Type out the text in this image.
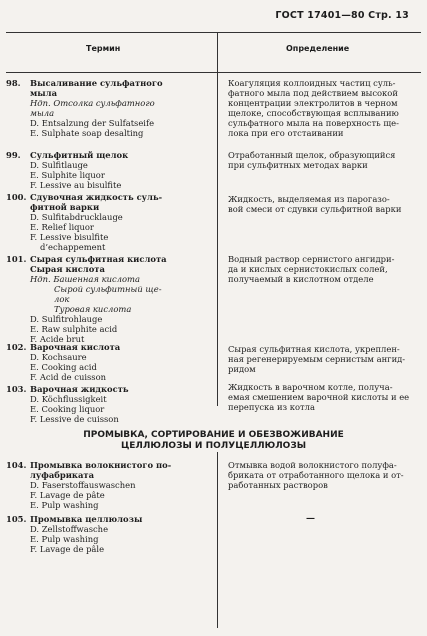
ГОСТ 17401—80 Стр. 13
Термин	Определение
98.	Высаливание сульфатного
мыла
Ндп. Отсолка сульфатного
мыла
D. Entsalzung der Sulfatseife
E. Sulphate soap desalting
Коагуляция коллоидных частиц суль-
фатного мыла под действием высокой
концентрации электролитов в черном
щелоке, способствующая всплыванию
сульфатного мыла на поверхность ще-
лока при его отстаивании
99.	Сульфитный щелок
D. Sulfitlauge
E. Sulphite liquor
F. Lessive au bisulfite
Отработанный щелок, образующийся
при сульфитных методах варки
100. Сдувочная жидкость суль-
фитной варки
D. Sulfitabdrucklauge
E. Relief liquor
F. Lessive bisulfite
d’echappement
Жидкость, выделяемая из парогазо-
вой смеси от сдувки сульфитной варки
101. Сырая сульфитная кислота
Сырая кислота
Ндп. Башенная кислота
Сырой сульфитный ще-
лок
Туровая кислота
D. Sulfitrohlauge
E. Raw sulphite acid
F. Acide brut
Водный раствор сернистого ангидри-
да и кислых сернистокислых солей,
получаемый в кислотном отделе
102. Варочная кислота
D. Kochsaure
E. Cooking acid
F. Acid de cuisson
Сырая сульфитная кислота, укреплен-
ная регенерируемым сернистым ангид-
ридом
103. Варочная жидкость
D. Köchflussigkeit
E. Cooking liquor
F. Lessive de cuisson
Жидкость в варочном котле, получа-
емая смешением варочной кислоты и ее
перепуска из котла
ПРОМЫВКА, СОРТИРОВАНИЕ И ОБЕЗВОЖИВАНИЕ
ЦЕЛЛЮЛОЗЫ И ПОЛУЦЕЛЛЮЛОЗЫ
104. Промывка волокнистого по-
луфабриката
D. Faserstoffauswaschen
F. Lavage de pâte
E. Pulp washing
Отмывка водой волокнистого полуфа-
бриката от отработанного щелока и от-
работанных растворов
105. Промывка целлюлозы
D. Zellstoffwasche
E. Pulp washing
F. Lavage de pâle
—
